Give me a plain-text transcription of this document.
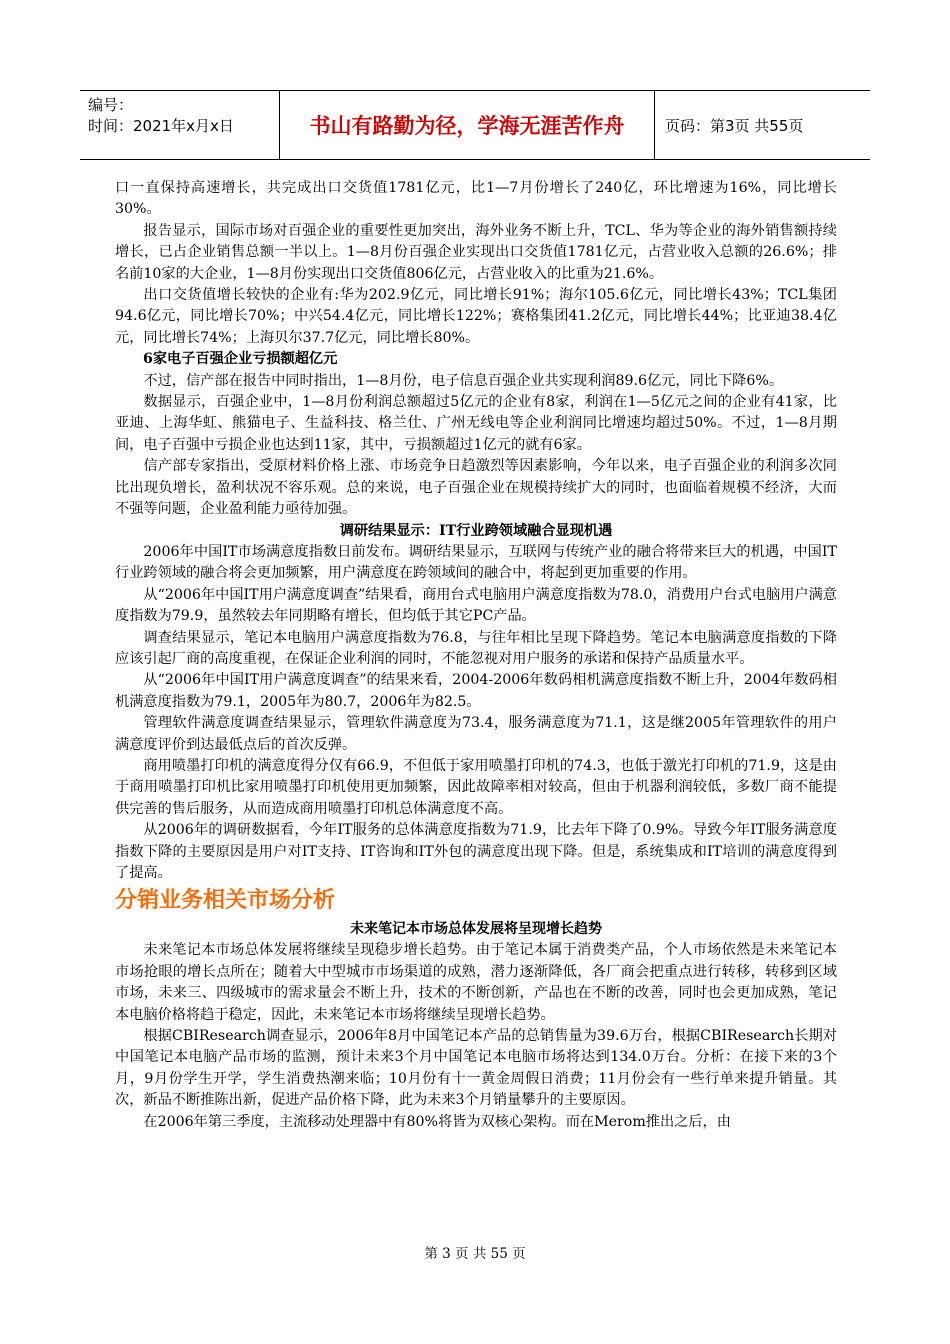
编号：
时间：2021年x月x日	书山有路勤为径，学海无涯苦作舟	页码：第3页 共55页

口一直保持高速增长，共完成出口交货值1781亿元，比1—7月份增长了240亿，环比增速为16%，同比增长30%。

报告显示，国际市场对百强企业的重要性更加突出，海外业务不断上升，TCL、华为等企业的海外销售额持续增长，已占企业销售总额一半以上。1—8月份百强企业实现出口交货值1781亿元，占营业收入总额的26.6%；排名前10家的大企业，1—8月份实现出口交货值806亿元，占营业收入的比重为21.6%。

出口交货值增长较快的企业有:华为202.9亿元，同比增长91%；海尔105.6亿元，同比增长43%；TCL集团94.6亿元，同比增长70%；中兴54.4亿元，同比增长122%；赛格集团41.2亿元，同比增长44%；比亚迪38.4亿元，同比增长74%；上海贝尔37.7亿元，同比增长80%。

6家电子百强企业亏损额超亿元

不过，信产部在报告中同时指出，1—8月份，电子信息百强企业共实现利润89.6亿元，同比下降6%。

数据显示，百强企业中，1—8月份利润总额超过5亿元的企业有8家，利润在1—5亿元之间的企业有41家，比亚迪、上海华虹、熊猫电子、生益科技、格兰仕、广州无线电等企业利润同比增速均超过50%。不过，1—8月期间，电子百强中亏损企业也达到11家，其中，亏损额超过1亿元的就有6家。

信产部专家指出，受原材料价格上涨、市场竞争日趋激烈等因素影响，今年以来，电子百强企业的利润多次同比出现负增长，盈利状况不容乐观。总的来说，电子百强企业在规模持续扩大的同时，也面临着规模不经济，大而不强等问题，企业盈利能力亟待加强。

调研结果显示：IT行业跨领域融合显现机遇

2006年中国IT市场满意度指数日前发布。调研结果显示，互联网与传统产业的融合将带来巨大的机遇，中国IT行业跨领域的融合将会更加频繁，用户满意度在跨领域间的融合中，将起到更加重要的作用。

从“2006年中国IT用户满意度调查”结果看，商用台式电脑用户满意度指数为78.0，消费用户台式电脑用户满意度指数为79.9，虽然较去年同期略有增长，但均低于其它PC产品。

调查结果显示，笔记本电脑用户满意度指数为76.8，与往年相比呈现下降趋势。笔记本电脑满意度指数的下降应该引起厂商的高度重视，在保证企业利润的同时，不能忽视对用户服务的承诺和保持产品质量水平。

从“2006年中国IT用户满意度调查”的结果来看，2004-2006年数码相机满意度指数不断上升，2004年数码相机满意度指数为79.1，2005年为80.7，2006年为82.5。

管理软件满意度调查结果显示，管理软件满意度为73.4，服务满意度为71.1，这是继2005年管理软件的用户满意度评价到达最低点后的首次反弹。

商用喷墨打印机的满意度得分仅有66.9，不但低于家用喷墨打印机的74.3，也低于激光打印机的71.9，这是由于商用喷墨打印机比家用喷墨打印机使用更加频繁，因此故障率相对较高，但由于机器利润较低，多数厂商不能提供完善的售后服务，从而造成商用喷墨打印机总体满意度不高。

从2006年的调研数据看，今年IT服务的总体满意度指数为71.9，比去年下降了0.9%。导致今年IT服务满意度指数下降的主要原因是用户对IT支持、IT咨询和IT外包的满意度出现下降。但是，系统集成和IT培训的满意度得到了提高。

分销业务相关市场分析

未来笔记本市场总体发展将呈现增长趋势

未来笔记本市场总体发展将继续呈现稳步增长趋势。由于笔记本属于消费类产品，个人市场依然是未来笔记本市场抢眼的增长点所在；随着大中型城市市场渠道的成熟，潜力逐渐降低，各厂商会把重点进行转移，转移到区域市场，未来三、四级城市的需求量会不断上升，技术的不断创新，产品也在不断的改善，同时也会更加成熟，笔记本电脑价格将趋于稳定，因此，未来笔记本市场将继续呈现增长趋势。

根据CBIResearch调查显示，2006年8月中国笔记本产品的总销售量为39.6万台，根据CBIResearch长期对中国笔记本电脑产品市场的监测，预计未来3个月中国笔记本电脑市场将达到134.0万台。分析：在接下来的3个月，9月份学生开学，学生消费热潮来临；10月份有十一黄金周假日消费；11月份会有一些行单来提升销量。其次，新品不断推陈出新，促进产品价格下降，此为未来3个月销量攀升的主要原因。

在2006年第三季度，主流移动处理器中有80%将皆为双核心架构。而在Merom推出之后，由

第 3 页 共 55 页
